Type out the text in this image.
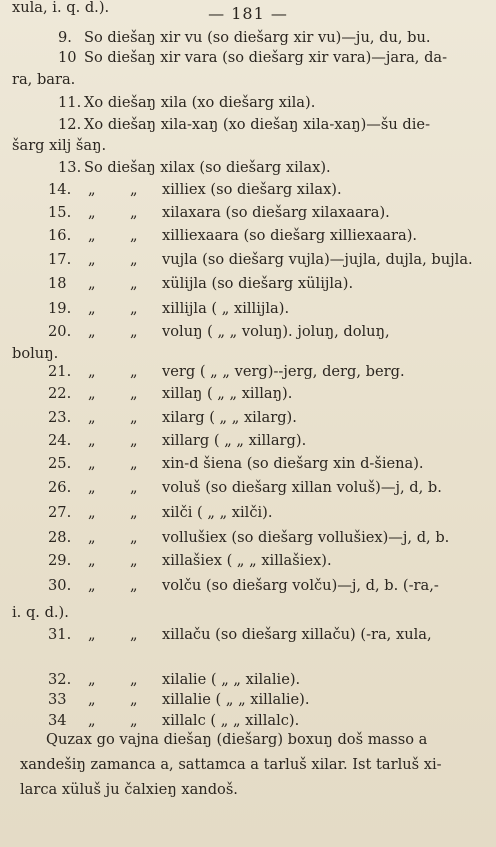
— 181 —
9. So diešaŋ xir vu (so diešarg xir vu)—ju, du, bu.
10 So diešaŋ xir vara (so diešarg xir vara)—jara, da-
ra, bara.
11. Xo diešaŋ xila (xo diešarg xila).
12. Xo diešaŋ xila-xaŋ (xo diešaŋ xila-xaŋ)—šu die-
šarg xilj šaŋ.
13. So diešaŋ xilax (so diešarg xilax).
14. „ „ xilliex (so diešarg xilax).
15. „ „ xilaxara (so diešarg xilaxaara).
16. „ „ xilliexaara (so diešarg xilliexaara).
17. „ „ vujla (so diešarg vujla)—jujla, dujla, bujla.
18 „ „ xülijla (so diešarg xülijla).
19. „ „ xillijla ( „ xillijla).
20. „ „ voluŋ ( „ „ voluŋ). joluŋ, doluŋ,
boluŋ.
21. „ „ verg ( „ „ verg)--jerg, derg, berg.
22. „ „ xillaŋ ( „ „ xillaŋ).
23. „ „ xilarg ( „ „ xilarg).
24. „ „ xillarg ( „ „ xillarg).
25. „ „ xin-d šiena (so diešarg xin d-šiena).
26. „ „ voluš (so diešarg xillan voluš)—j, d, b.
27. „ „ xilči ( „ „ xilči).
28. „ „ vollušiex (so diešarg vollušiex)—j, d, b.
29. „ „ xillašiex ( „ „ xillašiex).
30. „ „ volču (so diešarg volču)—j, d, b. (-ra,-
xula, i. q. d.).
31. „ „ xillaču (so diešarg xillaču) (-ra, xula,
i. q. d.).
32. „ „ xilalie ( „ „ xilalie).
33 „ „ xillalie ( „ „ xillalie).
34 „ „ xillalc ( „ „ xillalc).
Quzax go vajna diešaŋ (diešarg) boxuŋ doš masso a
xandešiŋ zamanca a, sattamca a tarluš xilar. Ist tarluš xi-
larca xüluš ju čalxieŋ xandoš.
